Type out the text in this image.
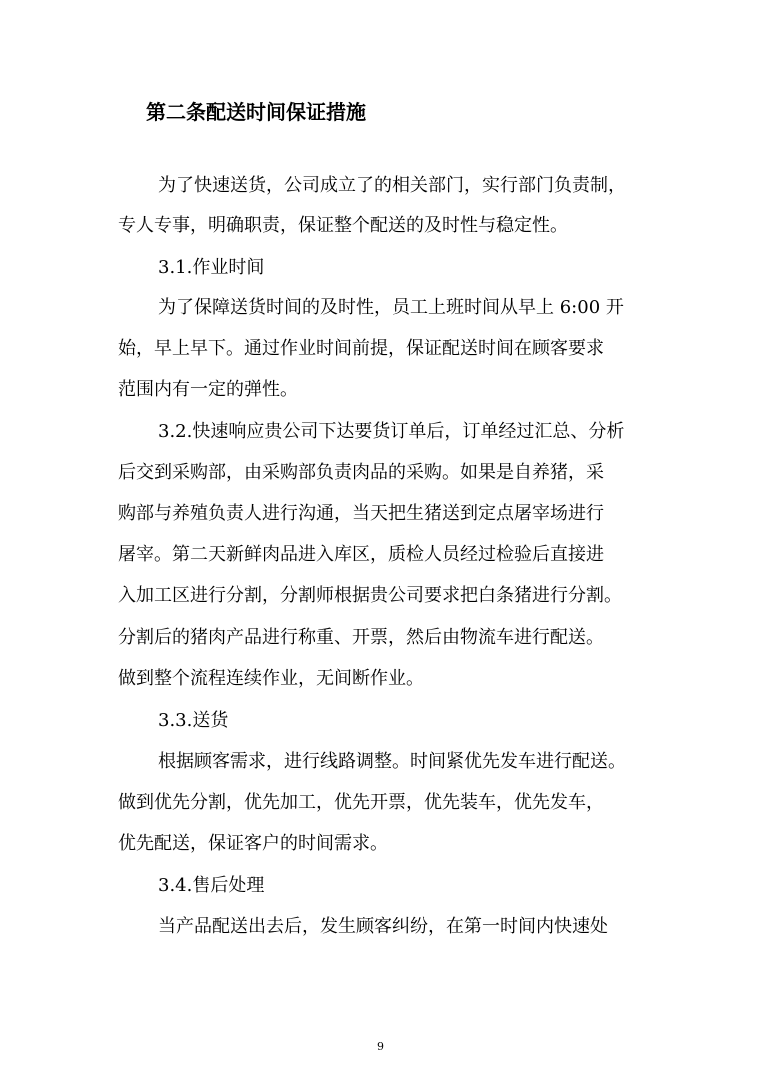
第二条配送时间保证措施
为了快速送货，公司成立了的相关部门，实行部门负责制，
专人专事，明确职责，保证整个配送的及时性与稳定性。
3.1.作业时间
为了保障送货时间的及时性，员工上班时间从早上 6:00 开
始，早上早下。通过作业时间前提，保证配送时间在顾客要求
范围内有一定的弹性。
3.2.快速响应贵公司下达要货订单后，订单经过汇总、分析
后交到采购部，由采购部负责肉品的采购。如果是自养猪，采
购部与养殖负责人进行沟通，当天把生猪送到定点屠宰场进行
屠宰。第二天新鲜肉品进入库区，质检人员经过检验后直接进
入加工区进行分割，分割师根据贵公司要求把白条猪进行分割。
分割后的猪肉产品进行称重、开票，然后由物流车进行配送。
做到整个流程连续作业，无间断作业。
3.3.送货
根据顾客需求，进行线路调整。时间紧优先发车进行配送。
做到优先分割，优先加工，优先开票，优先装车，优先发车，
优先配送，保证客户的时间需求。
3.4.售后处理
当产品配送出去后，发生顾客纠纷，在第一时间内快速处
9
